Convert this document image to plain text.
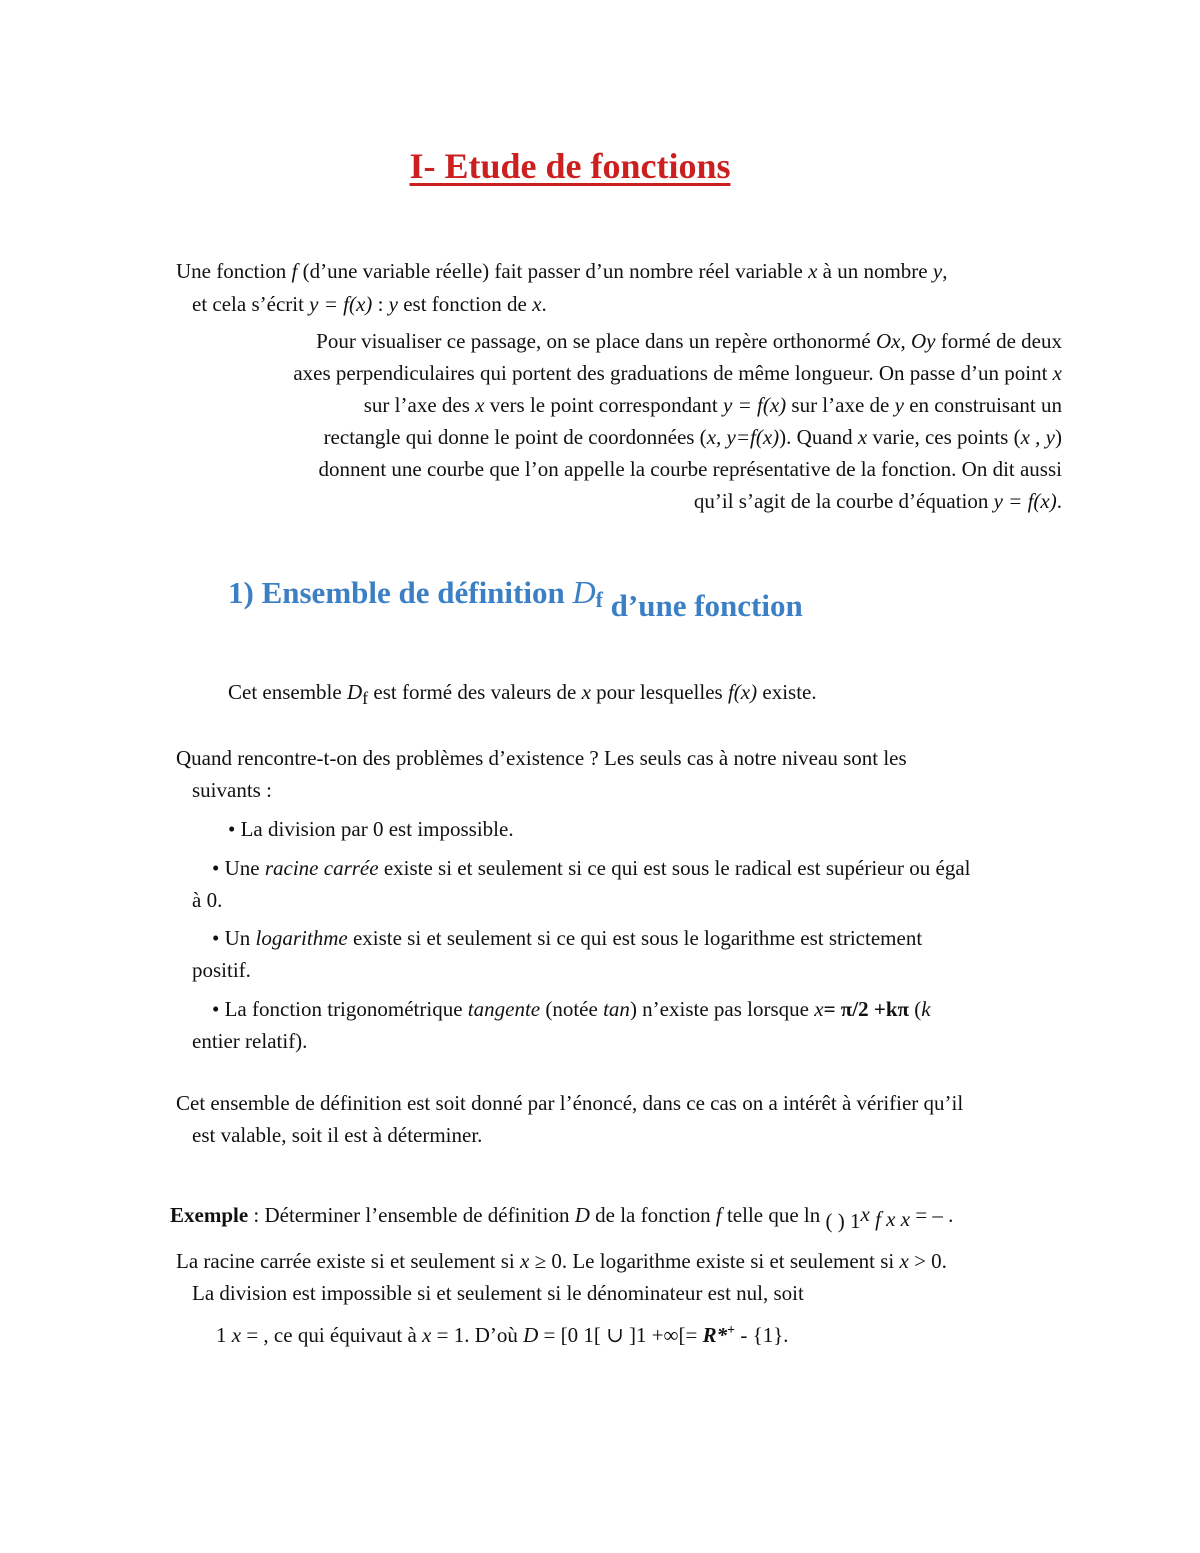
I- Etude de fonctions
Une fonction f (d’une variable réelle) fait passer d’un nombre réel variable x à un nombre y,
et cela s’écrit y = f(x) : y est fonction de x.
Pour visualiser ce passage, on se place dans un repère orthonormé Ox, Oy formé de deux
axes perpendiculaires qui portent des graduations de même longueur. On passe d’un point x
sur l’axe des x vers le point correspondant y = f(x) sur l’axe de y en construisant un
rectangle qui donne le point de coordonnées (x, y=f(x)). Quand x varie, ces points (x , y)
donnent une courbe que l’on appelle la courbe représentative de la fonction. On dit aussi
qu’il s’agit de la courbe d’équation y = f(x).
1) Ensemble de définition Df d’une fonction
Cet ensemble Df est formé des valeurs de x pour lesquelles f(x) existe.
Quand rencontre-t-on des problèmes d’existence ? Les seuls cas à notre niveau sont les
suivants :
• La division par 0 est impossible.
• Une racine carrée existe si et seulement si ce qui est sous le radical est supérieur ou égal
à 0.
• Un logarithme existe si et seulement si ce qui est sous le logarithme est strictement
positif.
• La fonction trigonométrique tangente (notée tan) n’existe pas lorsque x= π/2 +kπ (k
entier relatif).
Cet ensemble de définition est soit donné par l’énoncé, dans ce cas on a intérêt à vérifier qu’il
est valable, soit il est à déterminer.
Exemple : Déterminer l’ensemble de définition D de la fonction f telle que ln ( ) 1x f x x = – .
La racine carrée existe si et seulement si x ≥ 0. Le logarithme existe si et seulement si x > 0.
La division est impossible si et seulement si le dénominateur est nul, soit
1 x = , ce qui équivaut à x = 1. D’où D = [0 1[ ∪ ]1 +∞[= R*+ - {1}.
